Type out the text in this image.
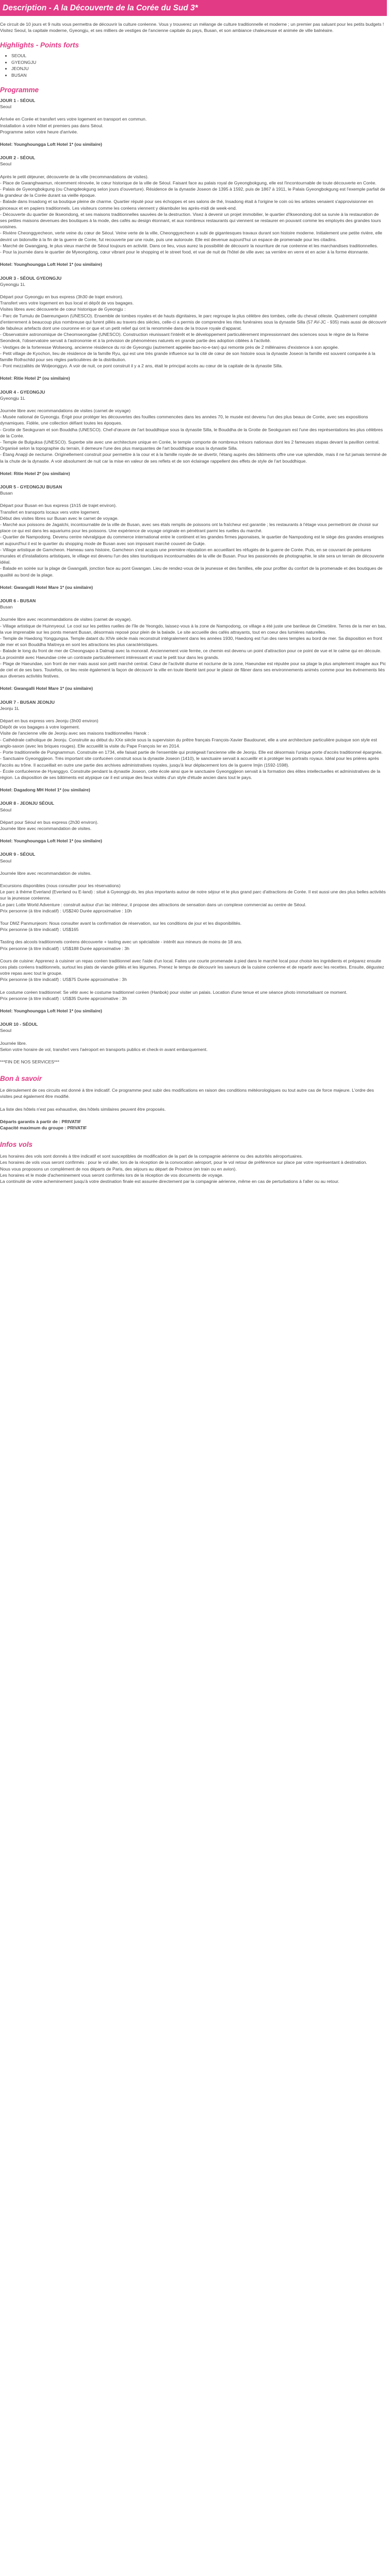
Description - A la Découverte de la Corée du Sud 3*

Ce circuit de 10 jours et 9 nuits vous permettra de découvrir la culture coréenne. Vous y trouverez un mélange de culture traditionnelle et moderne ; un premier pas saluant pour les petits budgets ! Visitez Seoul, la capitale moderne, Gyeongju, et ses milliers de vestiges de l'ancienne capitale du pays, Busan, et son ambiance chaleureuse et animée de ville balnéaire.

Highlights - Points forts
• SEOUL
• GYEONGJU
• JEONJU
• BUSAN
Programme

JOUR 1 - SÉOUL

Seoul

Arrivée en Corée et transfert vers votre logement en transport en commun.
Installation à votre hôtel et premiers pas dans Séoul.
Programme selon votre heure d'arrivée.

Hotel: Younghoungga Loft Hotel 1* (ou similaire)

JOUR 2 - SÉOUL

Seoul

Après le petit déjeuner, découverte de la ville (recommandations de visites).
- Place de Gwanghwamun, récemment rénovée, le cœur historique de la ville de Séoul. Faisant face au palais royal de Gyeongbokgung, elle est l'incontournable de toute découverte en Corée.
- Palais de Gyeongbokgung (ou Changdeokgung selon jours d'ouverture). Résidence de la dynastie Joseon de 1395 à 1592, puis de 1867 à 1911, le Palais Gyeongbokgung est l'exemple parfait de la grandeur de la Corée durant sa vieille époque.
- Balade dans Insadong et sa boutique pleine de charme. Quartier réputé pour ses échoppes et ses salons de thé, Insadong était à l'origine le coin où les artistes venaient s'approvisionner en pinceaux et en papiers traditionnels. Les visiteurs comme les coréens viennent y déambuler les après-midi de week-end.
- Découverte du quartier de Ikseondong, et ses maisons traditionnelles sauvées de la destruction. Visez à devenir un projet immobilier, le quartier d'Ikseondong doit sa survie à la restauration de ses petites maisons devenues des boutiques à la mode, des cafés au design étonnant, et aux nombreux restaurants qui viennent se restaurer en pouvant comme les employés des grandes tours voisines.
- Rivière Cheonggyecheon, verte veine du cœur de Séoul. Veine verte de la ville, Cheonggyecheon a subi de gigantesques travaux durant son histoire moderne. Initialement une petite rivière, elle devint un bidonville à la fin de la guerre de Corée, fut recouverte par une route, puis une autoroute. Elle est devenue aujourd'hui un espace de promenade pour les citadins.
- Marché de Gwangjang, le plus vieux marché de Séoul toujours en activité. Dans ce lieu, vous aurez la possibilité de découvrir la nourriture de rue coréenne et les marchandises traditionnelles.
- Pour la journée dans le quartier de Myeongdong, cœur vibrant pour le shopping et le street food, et vue de nuit de l'hôtel de ville avec sa verrière en verre et en acier à la forme étonnante.

Hotel: Younghoungga Loft Hotel 1* (ou similaire)

JOUR 3 - SÉOUL GYEONGJU

Gyeongju 1L

Départ pour Gyeongju en bus express (3h30 de trajet environ).
Transfert vers votre logement en bus local et dépôt de vos bagages.
Visites libres avec découverte de cœur historique de Gyeongju :
- Parc de Tumulu de Daereungwon (UNESCO). Ensemble de tombes royales et de hauts dignitaires, le parc regroupe la plus célèbre des tombes, celle du cheval céleste. Quatrement complété d'enterrement à beaucoup plus nombreuse qui furent pillés au travers des siècles, celle-ci a permis de comprendre les rites funéraires sous la dynastie Silla (57 AV-JC - 935) mais aussi de découvrir de fabuleux artefacts dont une couronne en or que et un petit relief qui ont la renommée dans de la trouve royale d'apparat.
- Observatoire astronomique de Cheomseongdae (UNESCO). Construction réunissant l'intérêt et le développement particulièrement impressionnant des sciences sous le règne de la Reine Seondeok, l'observatoire servait à l'astronomie et à la prévision de phénomènes naturels en grande partie des adoption ciblées à l'activité.
- Vestiges de la forteresse Wolseong, ancienne résidence du roi de Gyeongju (autrement appelée bao-no-e-tan) qui remonte près de 2 millénaires d'existence à son apogée.
- Petit village de Kyochon, lieu de résidence de la famille Ryu, qui est une très grande influence sur la cité de cœur de son histoire sous la dynastie Joseon la famille est souvent comparée à la famille Rothschild pour ses règles particulières de la distribution.
- Pont mezzalités de Woljeonggyo. A voir de nuit, ce pont construit il y a 2 ans, était le principal accès au cœur de la capitale de la dynastie Silla.

Hotel: Ritie Hotel 2* (ou similaire)

JOUR 4 - GYEONGJU

Gyeongju 1L

Journée libre avec recommandations de visites (carnet de voyage)
- Musée national de Gyeongju. Érigé pour protéger les découvertes des fouilles commencées dans les années 70, le musée est devenu l'un des plus beaux de Corée, avec ses expositions dynamiques. Fidèle, une collection défiant toutes les époques.
- Grotte de Seokguram et son Bouddha (UNESCO). Chef-d'œuvre de l'art bouddhique sous la dynastie Silla, le Bouddha de la Grotte de Seokguram est l'une des représentations les plus célèbres de la Corée.
- Temple de Bulguksa (UNESCO). Superbe site avec une architecture unique en Corée, le temple comporte de nombreux trésors nationaux dont les 2 fameuses stupas devant la pavillon central. Organisé selon la topographie du terrain, il demeure l'une des plus marquantes de l'art bouddhique sous la dynastie Silla.
- Étang Anapji de necturne. Originellement construit pour permettre à la cour et à la famille royale de se divertir, l'étang auprès des bâtiments offre une vue splendide, mais il ne fut jamais terminé de la la chute de la dynastie. A voir absolument de nuit car la mise en valeur de ses reflets et de son éclairage rappellent des effets de style de l'art bouddhique.

Hotel: Ritie Hotel 2* (ou similaire)

JOUR 5 - GYEONGJU BUSAN

Busan

Départ pour Busan en bus express (1h15 de trajet environ).
Transfert en transports locaux vers votre logement.
Début des visites libres sur Busan avec le carnet de voyage.
- Marché aux poissons de Jagalchi, incontournable de la ville de Busan, avec ses étals remplis de poissons ont la fraîcheur est garantie ; les restaurants à l'étage vous permettront de choisir sur place ce qui est dans les aquariums pour les poissons. Une expérience de voyage originale en pénétrant parmi les ruelles du marché.
- Quartier de Nampodong. Devenu centre névralgique du commerce international entre le continent et les grandes firmes japonaises, le quartier de Nampodong est le siège des grandes enseignes et aujourd'hui il est le quartier du shopping mode de Busan avec son imposant marché couvert de Gukje.
- Village artistique de Gamcheon. Hameau sans histoire, Gamcheon s'est acquis une première réputation en accueillant les réfugiés de la guerre de Corée. Puis, en se couvrant de peintures murales et d'installations artistiques, le village est devenu l'un des sites touristiques incontournables de la ville de Busan. Pour les passionnés de photographie, le site sera un terrain de découverte idéal.
- Balade en soirée sur la plage de Gwangalli, jonction face au pont Gwangan. Lieu de rendez-vous de la jeunesse et des familles, elle pour profiter du confort de la promenade et des boutiques de qualité au bord de la plage.

Hotel: Gwangalli Hotel Mare 1* (ou similaire)

JOUR 6 - BUSAN

Busan

Journée libre avec recommandations de visites (carnet de voyage).
- Village artistique de Huinnyeoul. Le cool sur les petites ruelles de l'île de Yeongdo, laissez-vous à la zone de Nampodong, ce village a été juste une banlieue de Cimetière. Terres de la mer en bas, la vue imprenable sur les ponts menant Busan, désormais reposé pour plein de la balade. Le site accueille des cafés attrayants, tout en coeur des lumières naturelles.
- Temple de Haedong Yonggungsa. Temple datant du XIVe siècle mais reconstruit intégralement dans les années 1930, Haedong est l'un des rares temples au bord de mer. Sa disposition en front de mer et son Bouddha Maitreya en sont les attractions les plus caractéristiques.
- Balade le long du front de mer de Cheongsapo à Dalmaji avec la monorail. Anciennement voie ferrée, ce chemin est devenu un point d'attraction pour ce point de vue et le calme qui en découle. La proximité avec Haeundae crée un contraste particulièrement intéressant et vaut le petit tour dans les grands.
- Plage de Haeundae, son front de mer mais aussi son petit marché central. Cœur de l'activité diurne et nocturne de la zone, Haeundae est réputée pour sa plage la plus amplement imagée aux Pic de ciel et de ses bars. Toutefois, ce lieu reste également la façon de découvrir la ville en toute liberté tant pour le plaisir de flâner dans ses environnements animés comme pour les événements liés aux diverses activités festives.

Hotel: Gwangalli Hotel Mare 1* (ou similaire)

JOUR 7 - BUSAN JEONJU

Jeonju 1L

Départ en bus express vers Jeonju (3h00 environ)
Dépôt de vos bagages à votre logement.
Visite de l'ancienne ville de Jeonju avec ses maisons traditionnelles Hanok :
- Cathédrale catholique de Jeonju. Construite au début du XXe siècle sous la supervision du prêtre français François-Xavier Baudounet, elle a une architecture particulière puisque son style est anglo-saxon (avec les briques rouges). Elle accueillit la visite du Pape François Ier en 2014.
- Porte traditionnelle de Pungnammun. Construite en 1734, elle faisait partie de l'ensemble qui protégeait l'ancienne ville de Jeonju. Elle est désormais l'unique porte d'accès traditionnel épargnée.
- Sanctuaire Gyeonggijeon. Très important site confucéen construit sous la dynastie Joseon (1410), le sanctuaire servait à accueillir et à protéger les portraits royaux. Idéal pour les prières après l'accès au trône. Il accueillait en outre une partie des archives administratives royales, jusqu'à leur déplacement lors de la guerre Imjin (1592-1598).
- École confucéenne de Hyanggyo. Construite pendant la dynastie Joseon, cette école ainsi que le sanctuaire Gyeonggijeon servait à la formation des élites intellectuelles et administratives de la région. La disposition de ses bâtiments est atypique car il est unique des lieux visités d'un style d'étude ancien dans tout le pays.

Hotel: Dagadong MH Hotel 1* (ou similaire)

JOUR 8 - JEONJU SÉOUL

Séoul

Départ pour Séoul en bus express (2h30 environ).
Journée libre avec recommandation de visites.

Hotel: Younghoungga Loft Hotel 1* (ou similaire)

JOUR 9 - SÉOUL

Seoul

Journée libre avec recommandation de visites.

Excursions disponibles (nous consulter pour les réservations)
Le parc à thème Everland (Everland ou E-land) : situé à Gyeonggi-do, les plus importants autour de notre séjour et le plus grand parc d'attractions de Corée. Il est aussi une des plus belles activités sur la jeunesse coréenne.
Le parc Lotte World Adventure : construit autour d'un lac intérieur, il propose des attractions de sensation dans un complexe commercial au centre de Séoul.
Prix personne (à titre indicatif) : US$240 Durée approximative : 10h

Tour DMZ Panmunjeom: Nous consulter avant la confirmation de réservation, sur les conditions de jour et les disponibilités.
Prix personne (à titre indicatif) : US$165

Tasting des alcools traditionnels coréens découverte + tasting avec un spécialiste - intérêt aux mineurs de moins de 18 ans.
Prix personne (à titre indicatif) : US$188 Durée approximative : 3h

Cours de cuisine: Apprenez à cuisiner un repas coréen traditionnel avec l'aide d'un local. Faites une courte promenade à pied dans le marché local pour choisir les ingrédients et préparez ensuite ces plats coréens traditionnels, surtout les plats de viande grillés et les légumes. Prenez le temps de découvrir les saveurs de la cuisine coréenne et de repartir avec les recettes. Ensuite, dégustez votre repas avec tout le groupe.
Prix personne (à titre indicatif) : US$75 Durée approximative : 3h

Le costume coréen traditionnel: Se vêtir avec le costume traditionnel coréen (Hanbok) pour visiter un palais. Location d'une tenue et une séance photo immortalisant ce moment.
Prix personne (à titre indicatif) : US$35 Durée approximative : 3h

Hotel: Younghoungga Loft Hotel 1* (ou similaire)

JOUR 10 - SÉOUL

Seoul

Journée libre.
Selon votre horaire de vol, transfert vers l'aéroport en transports publics et check-in avant embarquement.

***FIN DE NOS SERVICES***

Bon à savoir

Le déroulement de ces circuits est donné à titre indicatif. Ce programme peut subir des modifications en raison des conditions météorologiques ou tout autre cas de force majeure. L'ordre des visites peut également être modifié.

La liste des hôtels n'est pas exhaustive, des hôtels similaires peuvent être proposés.

Départs garantis à partir de : PRIVATIF

Capacité maximum du groupe : PRIVATIF

Infos vols

Les horaires des vols sont donnés à titre indicatif et sont susceptibles de modification de la part de la compagnie aérienne ou des autorités aéroportuaires.
Les horaires de vols vous seront confirmés : pour le vol aller, lors de la réception de la convocation aéroport, pour le vol retour de préférence sur place par votre représentant à destination.
Nous vous proposons un complément de nos départs de Paris, des séjours au départ de Province (en train ou en avion).
Les horaires et le mode d'acheminement vous seront confirmés lors de la réception de vos documents de voyage.
La continuité de votre acheminement jusqu'à votre destination finale est assurée directement par la compagnie aérienne, même en cas de perturbations à l'aller ou au retour.
